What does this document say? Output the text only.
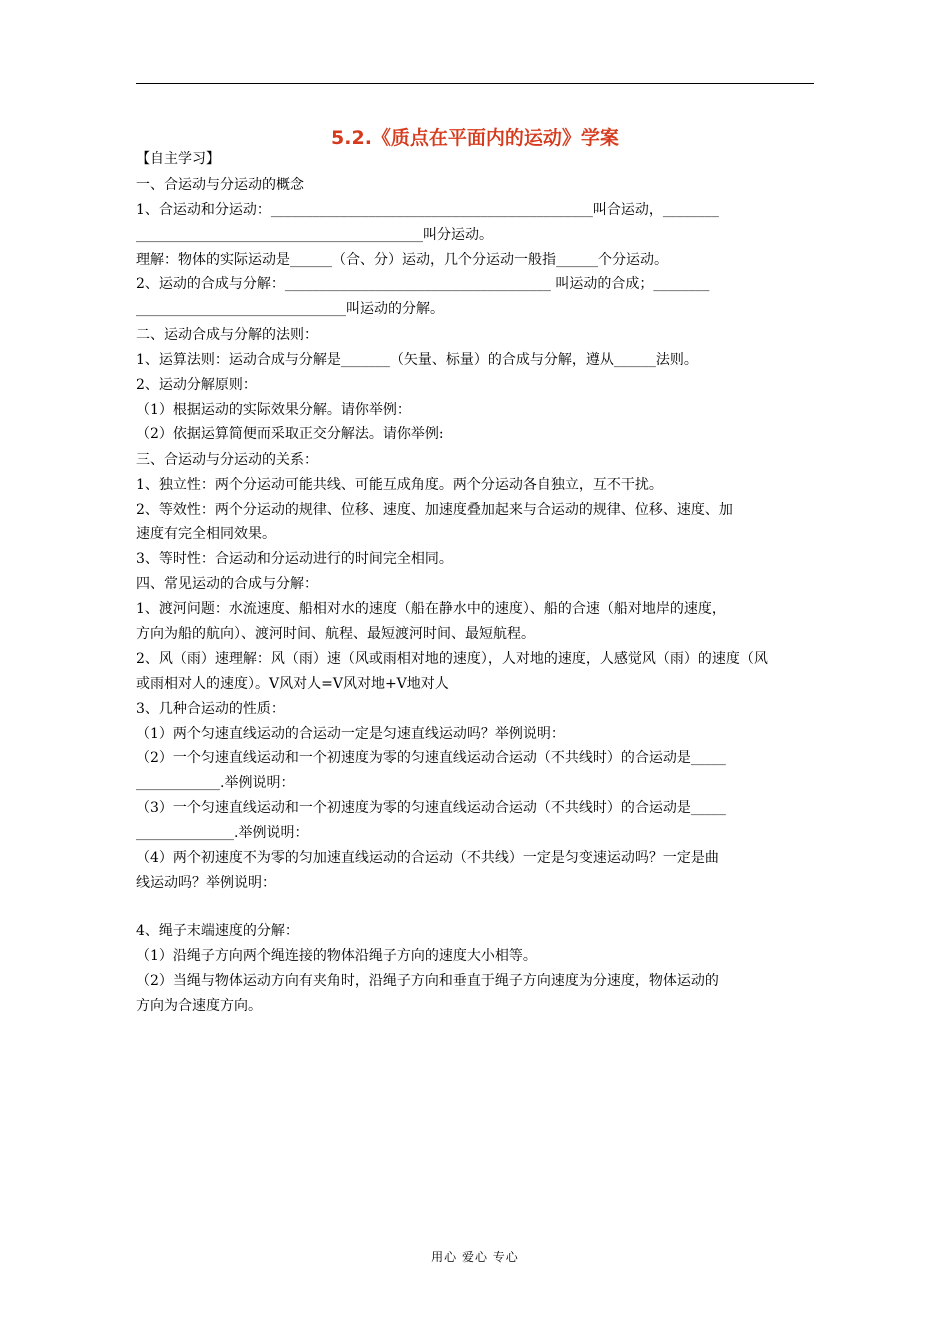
5.2.《质点在平面内的运动》学案
【自主学习】
一、合运动与分运动的概念
1、合运动和分运动：______________________________________________叫合运动，________
_________________________________________叫分运动。
理解：物体的实际运动是______（合、分）运动，几个分运动一般指______个分运动。
2、运动的合成与分解：______________________________________ 叫运动的合成；________
______________________________叫运动的分解。
二、运动合成与分解的法则：
1、运算法则：运动合成与分解是_______（矢量、标量）的合成与分解，遵从______法则。
2、运动分解原则：
（1）根据运动的实际效果分解。请你举例：
（2）依据运算简便而采取正交分解法。请你举例:
三、合运动与分运动的关系：
1、独立性：两个分运动可能共线、可能互成角度。两个分运动各自独立，互不干扰。
2、等效性：两个分运动的规律、位移、速度、加速度叠加起来与合运动的规律、位移、速度、加
速度有完全相同效果。
3、等时性：合运动和分运动进行的时间完全相同。
四、常见运动的合成与分解：
1、渡河问题：水流速度、船相对水的速度（船在静水中的速度）、船的合速（船对地岸的速度，
方向为船的航向）、渡河时间、航程、最短渡河时间、最短航程。
2、风（雨）速理解：风（雨）速（风或雨相对地的速度），人对地的速度，人感觉风（雨）的速度（风
或雨相对人的速度）。V风对人=V风对地+V地对人
3、几种合运动的性质：
（1）两个匀速直线运动的合运动一定是匀速直线运动吗？举例说明：
（2）一个匀速直线运动和一个初速度为零的匀速直线运动合运动（不共线时）的合运动是_____
____________.举例说明：
（3）一个匀速直线运动和一个初速度为零的匀速直线运动合运动（不共线时）的合运动是_____
______________.举例说明：
（4）两个初速度不为零的匀加速直线运动的合运动（不共线）一定是匀变速运动吗？一定是曲
线运动吗？举例说明：
4、绳子末端速度的分解：
（1）沿绳子方向两个绳连接的物体沿绳子方向的速度大小相等。
（2）当绳与物体运动方向有夹角时，沿绳子方向和垂直于绳子方向速度为分速度，物体运动的
方向为合速度方向。
用心 爱心 专心
